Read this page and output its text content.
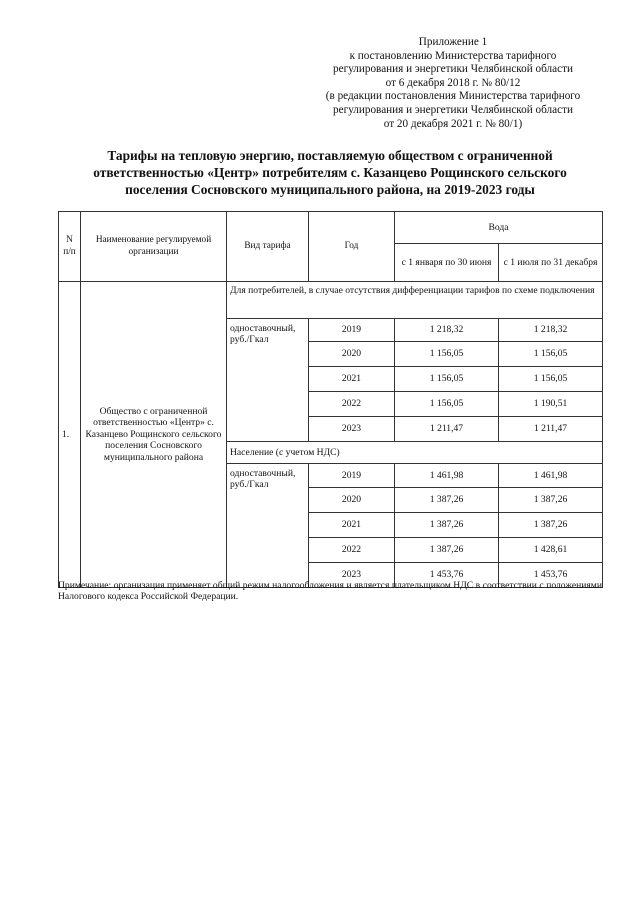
Приложение 1
к постановлению Министерства тарифного
регулирования и энергетики Челябинской области
от 6 декабря 2018 г. № 80/12
(в редакции постановления Министерства тарифного
регулирования и энергетики Челябинской области
от 20 декабря 2021 г. № 80/1)
Тарифы на тепловую энергию, поставляемую обществом с ограниченной
ответственностью «Центр» потребителям с. Казанцево Рощинского сельского
поселения Сосновского муниципального района, на 2019-2023 годы
N п/п	Наименование регулируемой организации	Вид тарифа	Год	Вода	
				с 1 января по 30 июня	с 1 июля по 31 декабря
1.	Общество с ограниченной ответственностью «Центр» с. Казанцево Рощинского сельского поселения Сосновского муниципального района	Для потребителей, в случае отсутствия дифференциации тарифов по схеме подключения			
		одноставочный, руб./Гкал	2019	1 218,32	1 218,32
			2020	1 156,05	1 156,05
			2021	1 156,05	1 156,05
			2022	1 156,05	1 190,51
			2023	1 211,47	1 211,47
		Население (с учетом НДС)			
		одноставочный, руб./Гкал	2019	1 461,98	1 461,98
			2020	1 387,26	1 387,26
			2021	1 387,26	1 387,26
			2022	1 387,26	1 428,61
			2023	1 453,76	1 453,76
Примечание: организация применяет общий режим налогообложения и является плательщиком НДС в соответствии с положениями Налогового кодекса Российской Федерации.
